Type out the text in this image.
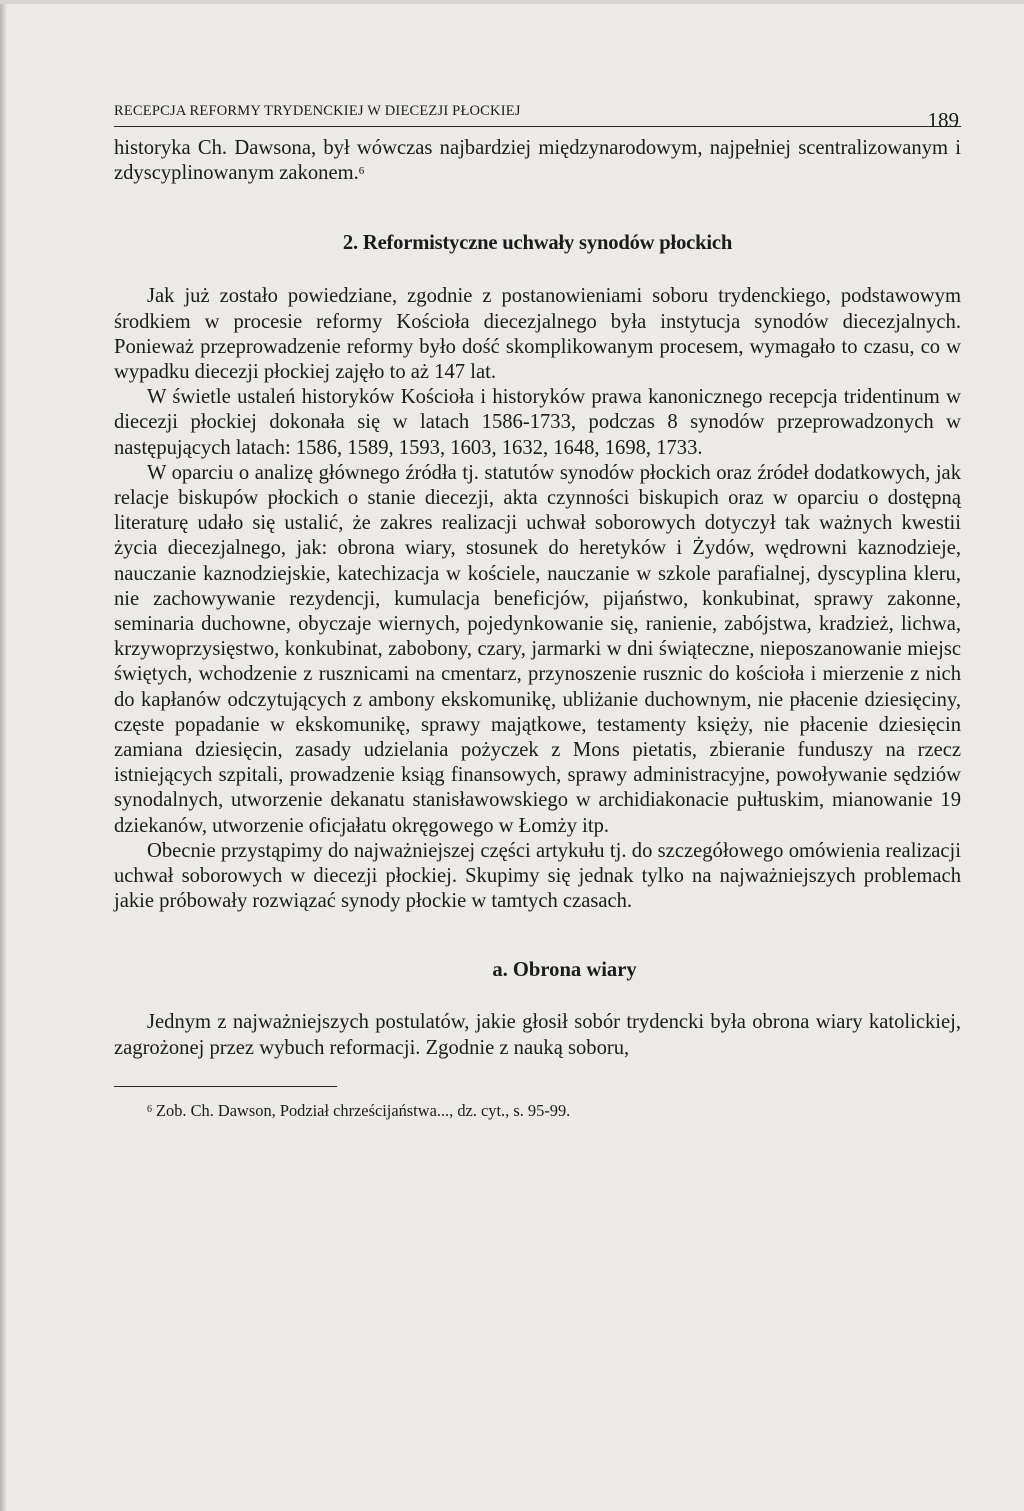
RECEPCJA REFORMY TRYDENCKIEJ W DIECEZJI PŁOCKIEJ	189

historyka Ch. Dawsona, był wówczas najbardziej międzynarodowym, najpełniej scentralizowanym i zdyscyplinowanym zakonem.$^6$

2. Reformistyczne uchwały synodów płockich

Jak już zostało powiedziane, zgodnie z postanowieniami soboru trydenckiego, podstawowym środkiem w procesie reformy Kościoła diecezjalnego była instytucja synodów diecezjalnych. Ponieważ przeprowadzenie reformy było dość skomplikowanym procesem, wymagało to czasu, co w wypadku diecezji płockiej zajęło to aż 147 lat.

W świetle ustaleń historyków Kościoła i historyków prawa kanonicznego recepcja tridentinum w diecezji płockiej dokonała się w latach 1586-1733, podczas 8 synodów przeprowadzonych w następujących latach: 1586, 1589, 1593, 1603, 1632, 1648, 1698, 1733.

W oparciu o analizę głównego źródła tj. statutów synodów płockich oraz źródeł dodatkowych, jak relacje biskupów płockich o stanie diecezji, akta czynności biskupich oraz w oparciu o dostępną literaturę udało się ustalić, że zakres realizacji uchwał soborowych dotyczył tak ważnych kwestii życia diecezjalnego, jak: obrona wiary, stosunek do heretyków i Żydów, wędrowni kaznodzieje, nauczanie kaznodziejskie, katechizacja w kościele, nauczanie w szkole parafialnej, dyscyplina kleru, nie zachowywanie rezydencji, kumulacja beneficjów, pijaństwo, konkubinat, sprawy zakonne, seminaria duchowne, obyczaje wiernych, pojedynkowanie się, ranienie, zabójstwa, kradzież, lichwa, krzywoprzysięstwo, konkubinat, zabobony, czary, jarmarki w dni świąteczne, nieposzanowanie miejsc świętych, wchodzenie z rusznicami na cmentarz, przynoszenie rusznic do kościoła i mierzenie z nich do kapłanów odczytujących z ambony ekskomunikę, ubliżanie duchownym, nie płacenie dziesięciny, częste popadanie w ekskomunikę, sprawy majątkowe, testamenty księży, nie płacenie dziesięcin zamiana dziesięcin, zasady udzielania pożyczek z Mons pietatis, zbieranie funduszy na rzecz istniejących szpitali, prowadzenie ksiąg finansowych, sprawy administracyjne, powoływanie sędziów synodalnych, utworzenie dekanatu stanisławowskiego w archidiakonacie pułtuskim, mianowanie 19 dziekanów, utworzenie oficjałatu okręgowego w Łomży itp.

Obecnie przystąpimy do najważniejszej części artykułu tj. do szczegółowego omówienia realizacji uchwał soborowych w diecezji płockiej. Skupimy się jednak tylko na najważniejszych problemach jakie próbowały rozwiązać synody płockie w tamtych czasach.

a. Obrona wiary

Jednym z najważniejszych postulatów, jakie głosił sobór trydencki była obrona wiary katolickiej, zagrożonej przez wybuch reformacji. Zgodnie z nauką soboru,

$^6$ Zob. Ch. Dawson, Podział chrześcijaństwa..., dz. cyt., s. 95-99.
